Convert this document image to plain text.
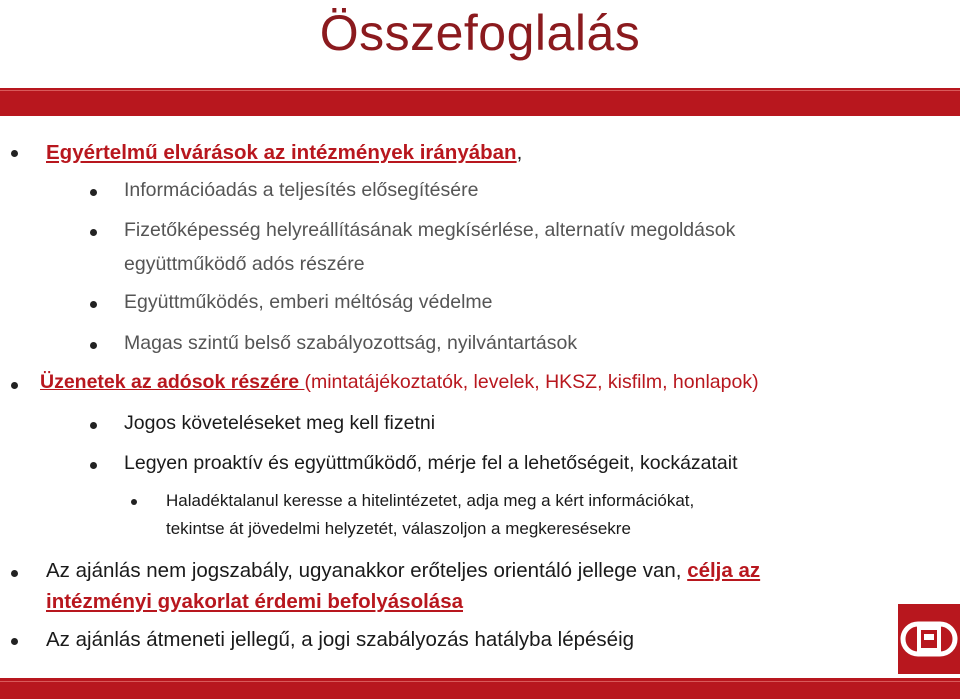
Összefoglalás
Egyértelmű elvárások az intézmények irányában,
Információadás a teljesítés elősegítésére
Fizetőképesség helyreállításának megkísérlése, alternatív megoldások
együttműködő adós részére
Együttműködés, emberi méltóság védelme
Magas szintű belső szabályozottság, nyilvántartások
Üzenetek az adósok részére (mintatájékoztatók, levelek, HKSZ, kisfilm, honlapok)
Jogos követeléseket meg kell fizetni
Legyen proaktív és együttműködő, mérje fel a lehetőségeit, kockázatait
Haladéktalanul keresse a hitelintézetet, adja meg a kért információkat,
tekintse át jövedelmi helyzetét, válaszoljon a megkeresésekre
Az ajánlás nem jogszabály, ugyanakkor erőteljes orientáló jellege van, célja az
intézményi gyakorlat érdemi befolyásolása
Az ajánlás átmeneti jellegű, a jogi szabályozás hatályba lépéséig
